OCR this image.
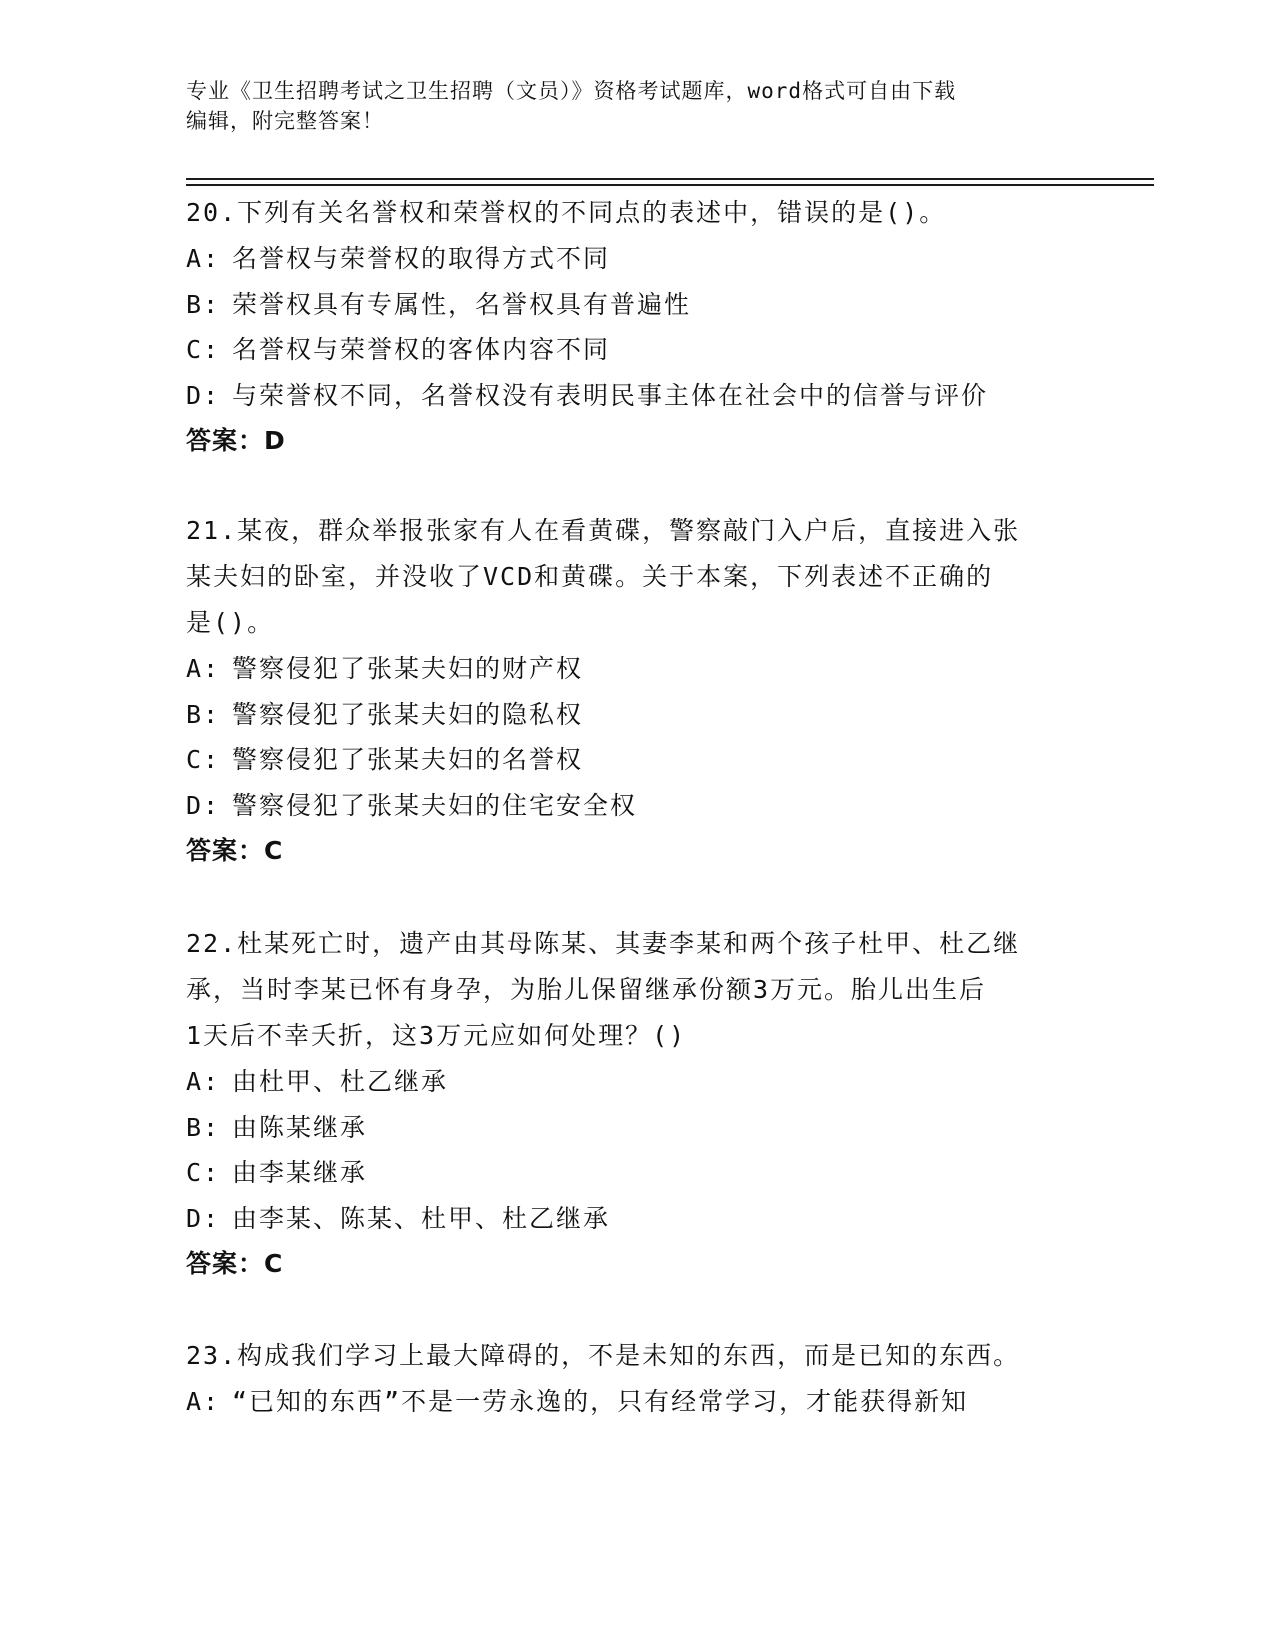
专业《卫生招聘考试之卫生招聘（文员）》资格考试题库，word格式可自由下载
编辑，附完整答案！

20.下列有关名誉权和荣誉权的不同点的表述中，错误的是()。

A: 名誉权与荣誉权的取得方式不同
B: 荣誉权具有专属性，名誉权具有普遍性
C: 名誉权与荣誉权的客体内容不同
D: 与荣誉权不同，名誉权没有表明民事主体在社会中的信誉与评价
答案：D

21.某夜，群众举报张家有人在看黄碟，警察敲门入户后，直接进入张

某夫妇的卧室，并没收了VCD和黄碟。关于本案，下列表述不正确的

是()。

A: 警察侵犯了张某夫妇的财产权
B: 警察侵犯了张某夫妇的隐私权
C: 警察侵犯了张某夫妇的名誉权
D: 警察侵犯了张某夫妇的住宅安全权
答案：C

22.杜某死亡时，遗产由其母陈某、其妻李某和两个孩子杜甲、杜乙继

承，当时李某已怀有身孕，为胎儿保留继承份额3万元。胎儿出生后

1天后不幸夭折，这3万元应如何处理？()

A: 由杜甲、杜乙继承
B: 由陈某继承
C: 由李某继承
D: 由李某、陈某、杜甲、杜乙继承
答案：C

23.构成我们学习上最大障碍的，不是未知的东西，而是已知的东西。

A: “已知的东西”不是一劳永逸的，只有经常学习，才能获得新知
